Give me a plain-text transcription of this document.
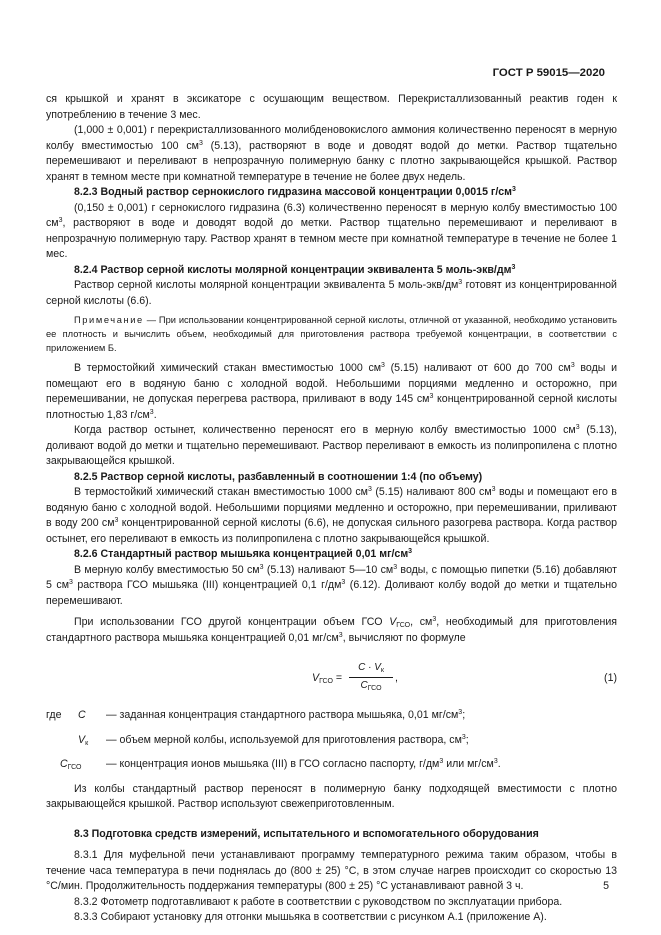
ГОСТ Р 59015—2020

ся крышкой и хранят в эксикаторе с осушающим веществом. Перекристаллизованный реактив годен к употреблению в течение 3 мес.

(1,000 ± 0,001) г перекристаллизованного молибденовокислого аммония количественно переносят в мерную колбу вместимостью 100 $см^3$ (5.13), растворяют в воде и доводят водой до метки. Раствор тщательно перемешивают и переливают в непрозрачную полимерную банку с плотно закрывающейся крышкой. Раствор хранят в темном месте при комнатной температуре в течение не более двух недель.

8.2.3 Водный раствор сернокислого гидразина массовой концентрации 0,0015 $г/см^3$

(0,150 ± 0,001) г сернокислого гидразина (6.3) количественно переносят в мерную колбу вместимостью 100 $см^3$, растворяют в воде и доводят водой до метки. Раствор тщательно перемешивают и переливают в непрозрачную полимерную тару. Раствор хранят в темном месте при комнатной температуре в течение не более 1 мес.

8.2.4 Раствор серной кислоты молярной концентрации эквивалента 5 моль-$экв/дм^3$

Раствор серной кислоты молярной концентрации эквивалента 5 моль-$экв/дм^3$ готовят из концентрированной серной кислоты (6.6).

Примечание — При использовании концентрированной серной кислоты, отличной от указанной, необходимо установить ее плотность и вычислить объем, необходимый для приготовления раствора требуемой концентрации, в соответствии с приложением Б.

В термостойкий химический стакан вместимостью 1000 $см^3$ (5.15) наливают от 600 до 700 $см^3$ воды и помещают его в водяную баню с холодной водой. Небольшими порциями медленно и осторожно, при перемешивании, не допуская перегрева раствора, приливают в воду 145 $см^3$ концентрированной серной кислоты плотностью 1,83 $г/см^3$.

Когда раствор остынет, количественно переносят его в мерную колбу вместимостью 1000 $см^3$ (5.13), доливают водой до метки и тщательно перемешивают. Раствор переливают в емкость из полипропилена с плотно закрывающейся крышкой.

8.2.5 Раствор серной кислоты, разбавленный в соотношении 1:4 (по объему)

В термостойкий химический стакан вместимостью 1000 $см^3$ (5.15) наливают 800 $см^3$ воды и помещают его в водяную баню с холодной водой. Небольшими порциями медленно и осторожно, при перемешивании, приливают в воду 200 $см^3$ концентрированной серной кислоты (6.6), не допуская сильного разогрева раствора. Когда раствор остынет, его переливают в емкость из полипропилена с плотно закрывающейся крышкой.

8.2.6 Стандартный раствор мышьяка концентрацией 0,01 $мг/см^3$

В мерную колбу вместимостью 50 $см^3$ (5.13) наливают 5—10 $см^3$ воды, с помощью пипетки (5.16) добавляют 5 $см^3$ раствора ГСО мышьяка (III) концентрацией 0,1 $г/дм^3$ (6.12). Доливают колбу водой до метки и тщательно перемешивают.

При использовании ГСО другой концентрации объем ГСО $V_{ГСО}$, $см^3$, необходимый для приготовления стандартного раствора мышьяка концентрацией 0,01 $мг/см^3$, вычисляют по формуле

$V_{ГСО}$ =
$C \cdot V_к$
$C_{ГСО}$
,	(1)
где C	— заданная концентрация стандартного раствора мышьяка, 0,01 $мг/см^3$;
$V_к$	— объем мерной колбы, используемой для приготовления раствора, $см^3$;
$C_{ГСО}$ — концентрация ионов мышьяка (III) в ГСО согласно паспорту, $г/дм^3$ или $мг/см^3$.

Из колбы стандартный раствор переносят в полимерную банку подходящей вместимости с плотно закрывающейся крышкой. Раствор используют свежеприготовленным.

8.3 Подготовка средств измерений, испытательного и вспомогательного оборудования

8.3.1 Для муфельной печи устанавливают программу температурного режима таким образом, чтобы в течение часа температура в печи поднялась до (800 ± 25) °С, в этом случае нагрев происходит со скоростью 13 °С/мин. Продолжительность поддержания температуры (800 ± 25) °С устанавливают равной 3 ч.

8.3.2 Фотометр подготавливают к работе в соответствии с руководством по эксплуатации прибора.

8.3.3 Собирают установку для отгонки мышьяка в соответствии с рисунком А.1 (приложение А).

5
